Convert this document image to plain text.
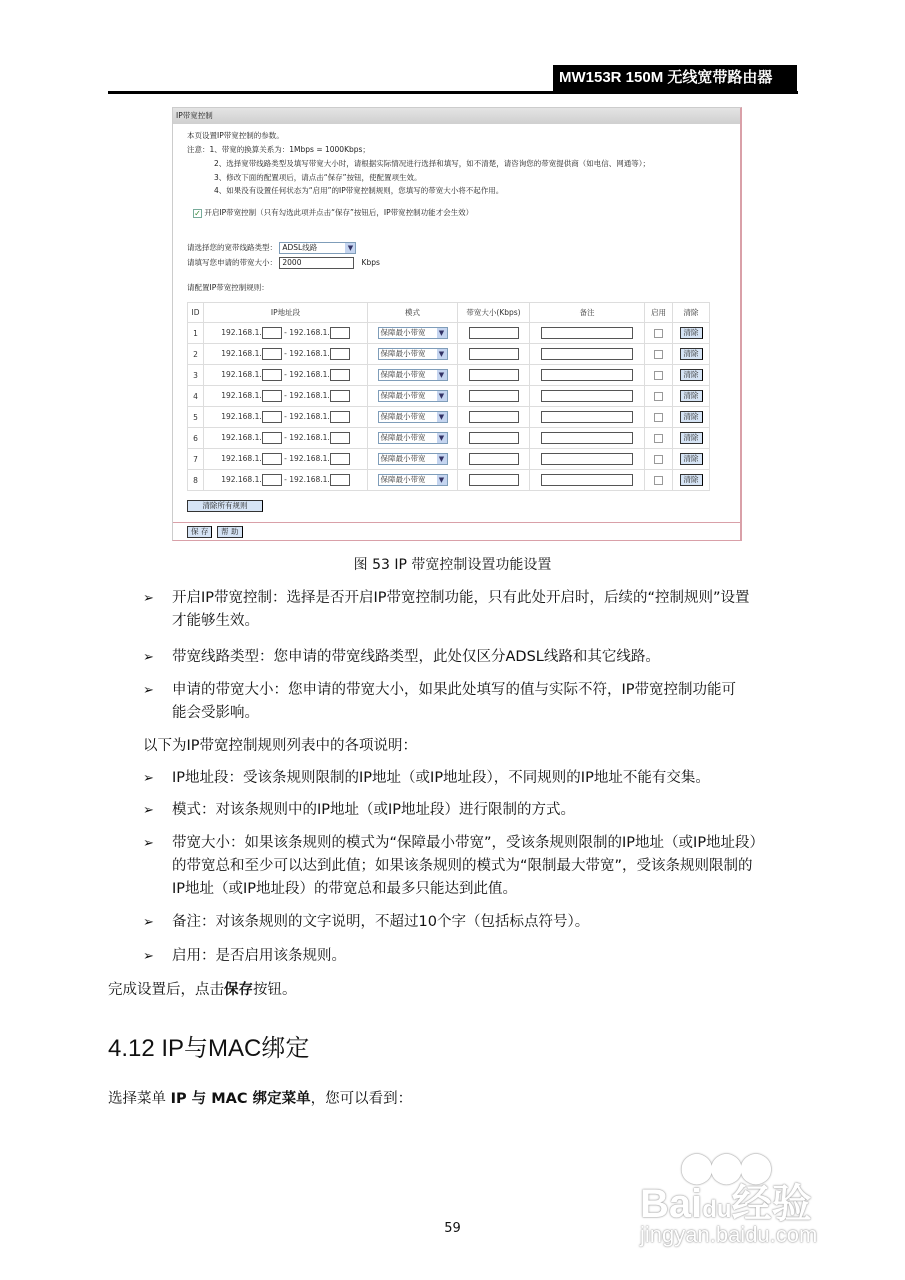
MW153R 150M 无线宽带路由器
IP带宽控制
本页设置IP带宽控制的参数。
注意：1、带宽的换算关系为：1Mbps = 1000Kbps；
2、选择宽带线路类型及填写带宽大小时，请根据实际情况进行选择和填写，如不清楚，请咨询您的带宽提供商（如电信、网通等）；
3、修改下面的配置项后，请点击“保存”按钮，使配置项生效。
4、如果没有设置任何状态为“启用”的IP带宽控制规则，您填写的带宽大小将不起作用。
✓ 开启IP带宽控制（只有勾选此项并点击“保存”按钮后，IP带宽控制功能才会生效）
请选择您的宽带线路类型： ADSL线路	▼
请填写您申请的带宽大小： 2000	Kbps
请配置IP带宽控制规则：
ID	IP地址段	模式	带宽大小(Kbps)	备注	启用	清除
1	192.168.1. - 192.168.1.	保障最小带宽 ▼				清除
2	192.168.1. - 192.168.1.	保障最小带宽 ▼				清除
3	192.168.1. - 192.168.1.	保障最小带宽 ▼				清除
4	192.168.1. - 192.168.1.	保障最小带宽 ▼				清除
5	192.168.1. - 192.168.1.	保障最小带宽 ▼				清除
6	192.168.1. - 192.168.1.	保障最小带宽 ▼				清除
7	192.168.1. - 192.168.1.	保障最小带宽 ▼				清除
8	192.168.1. - 192.168.1.	保障最小带宽 ▼				清除
清除所有规则
保 存 帮 助
图 53 IP 带宽控制设置功能设置
➢ 开启IP带宽控制：选择是否开启IP带宽控制功能，只有此处开启时，后续的“控制规则”设置
才能够生效。
➢ 带宽线路类型：您申请的带宽线路类型，此处仅区分ADSL线路和其它线路。
➢ 申请的带宽大小：您申请的带宽大小，如果此处填写的值与实际不符，IP带宽控制功能可
能会受影响。
以下为IP带宽控制规则列表中的各项说明：
➢ IP地址段：受该条规则限制的IP地址（或IP地址段），不同规则的IP地址不能有交集。
➢ 模式：对该条规则中的IP地址（或IP地址段）进行限制的方式。
➢ 带宽大小：如果该条规则的模式为“保障最小带宽”，受该条规则限制的IP地址（或IP地址段）
的带宽总和至少可以达到此值；如果该条规则的模式为“限制最大带宽”，受该条规则限制的
IP地址（或IP地址段）的带宽总和最多只能达到此值。
➢ 备注：对该条规则的文字说明，不超过10个字（包括标点符号）。
➢ 启用：是否启用该条规则。
完成设置后，点击保存按钮。
4.12 IP与MAC绑定
选择菜单 IP 与 MAC 绑定菜单，您可以看到：
59
⬤⬤⬤
Baidu经验
jingyan.baidu.com
